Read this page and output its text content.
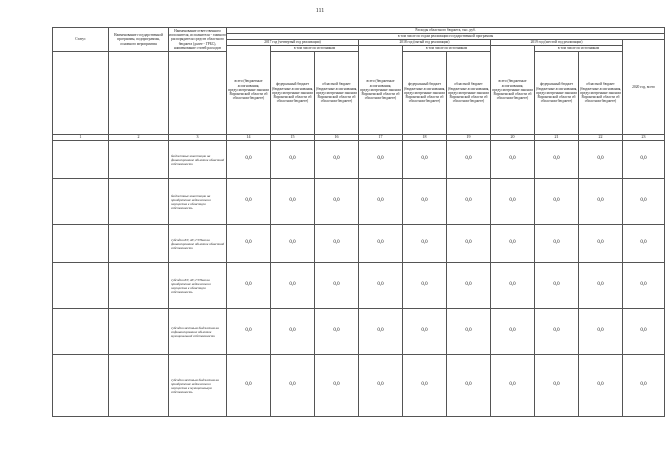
111
Статус	Наименование государственной программы, подпрограммы, основного мероприятия	Наименование ответственного исполнителя, исполнителя - главного распорядителя средств областного бюджета (далее - ГРБС), наименование статей расходов	Расходы областного бюджета, тыс. руб.									
			в том числе по годам реализации государственной программы									
			2017 год (четвертый год реализации)			2018 год (пятый год реализации)			2019 год (шестой год реализации)			2020 год, всего
			всего (бюджетные ассигнования, предусмотренные законом Воронежской области об областном бюджете)	в том числе по источникам		всего (бюджетные ассигнования, предусмотренные законом Воронежской области об областном бюджете)	в том числе по источникам		всего (бюджетные ассигнования, предусмотренные законом Воронежской области об областном бюджете)	в том числе по источникам		
				федеральный бюджет (бюджетные ассигнования, предусмотренные законом Воронежской области об областном бюджете)	областной бюджет (бюджетные ассигнования, предусмотренные законом Воронежской области об областном бюджете)		федеральный бюджет (бюджетные ассигнования, предусмотренные законом Воронежской области об областном бюджете)	областной бюджет (бюджетные ассигнования, предусмотренные законом Воронежской области об областном бюджете)		федеральный бюджет (бюджетные ассигнования, предусмотренные законом Воронежской области об областном бюджете)	областной бюджет (бюджетные ассигнования, предусмотренные законом Воронежской области об областном бюджете)	
1	2	3	14	15	16	17	18	19	20	21	22	23
		бюджетные инвестиции на финансирование объектов областной собственности	0,0	0,0	0,0	0,0	0,0	0,0	0,0	0,0	0,0	0,0
		бюджетные инвестиции на приобретение недвижимого имущества в областную собственность	0,0	0,0	0,0	0,0	0,0	0,0	0,0	0,0	0,0	0,0
		субсидии БУ, АУ, ГУПам на финансирование объектов областной собственности	0,0	0,0	0,0	0,0	0,0	0,0	0,0	0,0	0,0	0,0
		субсидии БУ, АУ, ГУПам на приобретение недвижимого имущества в областную собственность	0,0	0,0	0,0	0,0	0,0	0,0	0,0	0,0	0,0	0,0
		субсидии местным бюджетам на софинансирование объектов муниципальной собственности	0,0	0,0	0,0	0,0	0,0	0,0	0,0	0,0	0,0	0,0
		субсидии местным бюджетам на приобретение недвижимого имущества в муниципальную собственность	0,0	0,0	0,0	0,0	0,0	0,0	0,0	0,0	0,0	0,0
